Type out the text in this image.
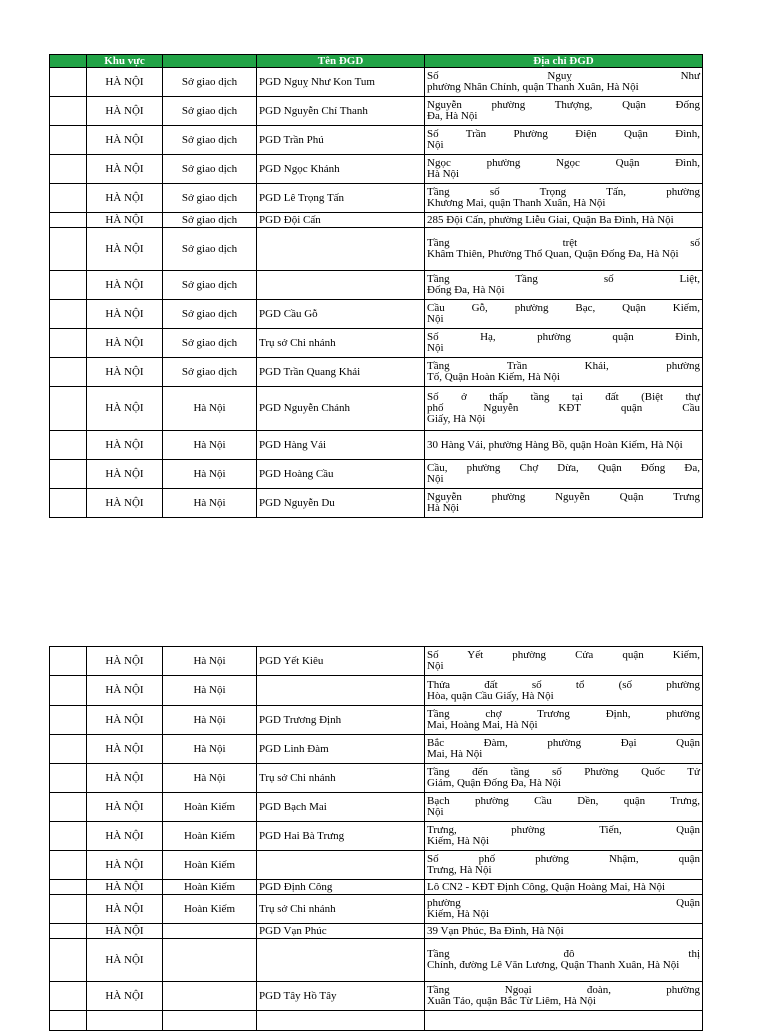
	Khu vực		Tên ĐGD	Địa chỉ ĐGD
	HÀ NỘI	Sở giao dịch	PGD Nguỵ Như Kon Tum	Số Nguỵ Như
phường Nhân Chính, quận Thanh Xuân, Hà Nội

	HÀ NỘI	Sở giao dịch	PGD Nguyễn Chí Thanh	Nguyễn phường Thượng, Quận Đống
Đa, Hà Nội

	HÀ NỘI	Sở giao dịch	PGD Trần Phú	Số Trần Phường Điện Quận Đình,
Nội

	HÀ NỘI	Sở giao dịch	PGD Ngọc Khánh	Ngọc phường Ngọc Quận Đình,
Hà Nội

	HÀ NỘI	Sở giao dịch	PGD Lê Trọng Tấn	Tầng số Trọng Tấn, phường
Khương Mai, quận Thanh Xuân, Hà Nội

	HÀ NỘI	Sở giao dịch	PGD Đội Cấn	285 Đội Cấn, phường Liễu Giai, Quận Ba Đình, Hà Nội

	HÀ NỘI	Sở giao dịch		Tầng trệt số
Khâm Thiên, Phường Thổ Quan, Quận Đống Đa, Hà Nội

	HÀ NỘI	Sở giao dịch		Tầng Tầng số Liệt,
Đống Đa, Hà Nội

	HÀ NỘI	Sở giao dịch	PGD Cầu Gỗ	Cầu Gỗ, phường Bạc, Quận Kiếm,
Nội

	HÀ NỘI	Sở giao dịch	Trụ sở Chi nhánh	Số Hạ, phường quận Đình,
Nội

	HÀ NỘI	Sở giao dịch	PGD Trần Quang Khải	Tầng Trần Khải, phường
Tố, Quận Hoàn Kiếm, Hà Nội

	HÀ NỘI	Hà Nội	PGD Nguyễn Chánh	Số ở thấp tầng tại đất (Biệt thự
phố Nguyễn KĐT quận Cầu
Giấy, Hà Nội

	HÀ NỘI	Hà Nội	PGD Hàng Vải	30 Hàng Vải, phường Hàng Bồ, quận Hoàn Kiếm, Hà Nội

	HÀ NỘI	Hà Nội	PGD Hoàng Cầu	Cầu, phường Chợ Dừa, Quận Đống Đa,
Nội

	HÀ NỘI	Hà Nội	PGD Nguyễn Du	Nguyễn phường Nguyễn Quận Trưng
Hà Nội
	HÀ NỘI	Hà Nội	PGD Yết Kiêu	Số Yết phường Cửa quận Kiếm,
Nội

	HÀ NỘI	Hà Nội		Thửa đất số tổ (số phường
Hòa, quận Cầu Giấy, Hà Nội

	HÀ NỘI	Hà Nội	PGD Trương Định	Tầng chợ Trương Định, phường
Mai, Hoàng Mai, Hà Nội

	HÀ NỘI	Hà Nội	PGD Linh Đàm	Bắc Đàm, phường Đại Quận
Mai, Hà Nội

	HÀ NỘI	Hà Nội	Trụ sở Chi nhánh	Tầng đến tầng số Phường Quốc Tử
Giám, Quận Đống Đa, Hà Nội

	HÀ NỘI	Hoàn Kiếm	PGD Bạch Mai	Bạch phường Cầu Dền, quận Trưng,
Nội

	HÀ NỘI	Hoàn Kiếm	PGD Hai Bà Trưng	Trưng, phường Tiến, Quận
Kiếm, Hà Nội

	HÀ NỘI	Hoàn Kiếm		Số phố phường Nhậm, quận
Trưng, Hà Nội

	HÀ NỘI	Hoàn Kiếm	PGD Định Công	Lô CN2 - KĐT Định Công, Quận Hoàng Mai, Hà Nội

	HÀ NỘI	Hoàn Kiếm	Trụ sở Chi nhánh	phường Quận
Kiếm, Hà Nội

	HÀ NỘI		PGD Vạn Phúc	39 Vạn Phúc, Ba Đình, Hà Nội

	HÀ NỘI			Tầng đô thị
Chính, đường Lê Văn Lương, Quận Thanh Xuân, Hà Nội

	HÀ NỘI		PGD Tây Hồ Tây	Tầng Ngoại đoàn, phường
Xuân Tảo, quận Bắc Từ Liêm, Hà Nội
